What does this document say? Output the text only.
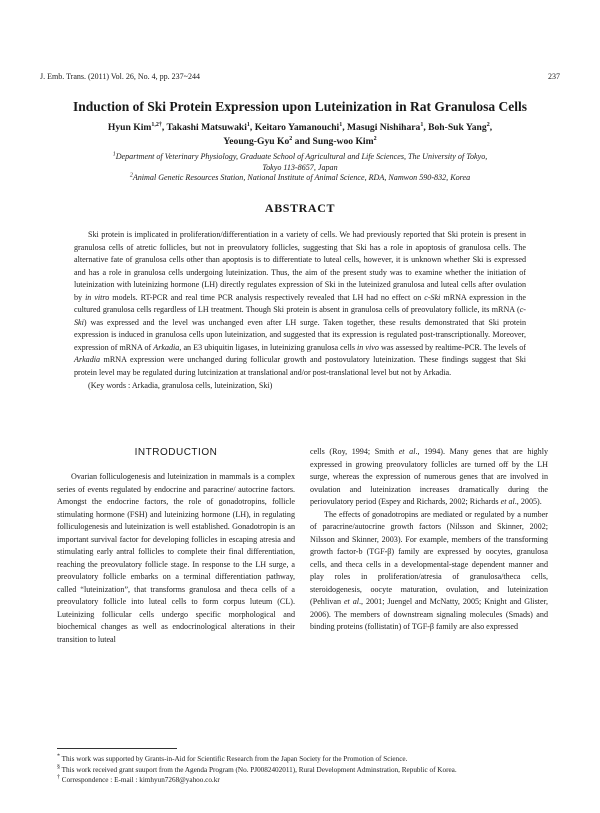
J. Emb. Trans. (2011) Vol. 26, No. 4, pp. 237~244	237
Induction of Ski Protein Expression upon Luteinization in Rat Granulosa Cells
Hyun Kim$^{1,2\dagger}$, Takashi Matsuwaki$^1$, Keitaro Yamanouchi$^1$, Masugi Nishihara$^1$, Boh-Suk Yang$^2$,
Yeoung-Gyu Ko$^2$ and Sung-woo Kim$^2$
$^1$Department of Veterinary Physiology, Graduate School of Agricultural and Life Sciences, The University of Tokyo,
Tokyo 113-8657, Japan
$^2$Animal Genetic Resources Station, National Institute of Animal Science, RDA, Namwon 590-832, Korea
ABSTRACT

Ski protein is implicated in proliferation/differentiation in a variety of cells. We had previously reported that Ski protein is present in granulosa cells of atretic follicles, but not in preovulatory follicles, suggesting that Ski has a role in apoptosis of granulosa cells. The alternative fate of granulosa cells other than apoptosis is to differentiate to luteal cells, however, it is unknown whether Ski is expressed and has a role in granulosa cells undergoing luteinization. Thus, the aim of the present study was to examine whether the initiation of luteinization with luteinizing hormone (LH) directly regulates expression of Ski in the luteinized granulosa and luteal cells after ovulation by in vitro models. RT-PCR and real time PCR analysis respectively revealed that LH had no effect on c-Ski mRNA expression in the cultured granulosa cells regardless of LH treatment. Though Ski protein is absent in granulosa cells of preovulatory follicle, its mRNA (c-Ski) was expressed and the level was unchanged even after LH surge. Taken together, these results demonstrated that Ski protein expression is induced in granulosa cells upon luteinization, and suggested that its expression is regulated post-transcriptionally. Moreover, expression of mRNA of Arkadia, an E3 ubiquitin ligases, in luteinizing granulosa cells in vivo was assessed by realtime-PCR. The levels of Arkadia mRNA expression were unchanged during follicular growth and postovulatory luteinization. These findings suggest that Ski protein level may be regulated during lutcinization at translational and/or post-translational level but not by Arkadia.

(Key words : Arkadia, granulosa cells, luteinization, Ski)

INTRODUCTION

Ovarian folliculogenesis and luteinization in mammals is a complex series of events regulated by endocrine and paracrine/ autocrine factors. Amongst the endocrine factors, the role of gonadotropins, follicle stimulating hormone (FSH) and luteinizing hormone (LH), in regulating folliculogenesis and luteinization is well established. Gonadotropin is an important survival factor for developing follicles in escaping atresia and stimulating early antral follicles to complete their final differentiation, reaching the preovulatory follicle stage. In response to the LH surge, a preovulatory follicle embarks on a terminal differentiation pathway, called “luteinization”, that transforms granulosa and theca cells of a preovulatory follicle into luteal cells to form corpus luteum (CL). Luteinizing follicular cells undergo specific morphological and biochemical changes as well as endocrinological alterations in their transition to luteal

cells (Roy, 1994; Smith et al., 1994). Many genes that are highly expressed in growing preovulatory follicles are turned off by the LH surge, whereas the expression of numerous genes that are involved in ovulation and luteinization increases dramatically during the periovulatory period (Espey and Richards, 2002; Richards et al., 2005).

The effects of gonadotropins are mediated or regulated by a number of paracrine/autocrine growth factors (Nilsson and Skinner, 2002; Nilsson and Skinner, 2003). For example, members of the transforming growth factor-b (TGF-β) family are expressed by oocytes, granulosa cells, and theca cells in a developmental-stage dependent manner and play roles in proliferation/atresia of granulosa/theca cells, steroidogenesis, oocyte maturation, ovulation, and luteinization (Pehlivan et al., 2001; Juengel and McNatty, 2005; Knight and Glister, 2006). The members of downstream signaling molecules (Smads) and binding proteins (follistatin) of TGF-β family are also expressed

* This work was supported by Grants-in-Aid for Scientific Research from the Japan Society for the Promotion of Science.
§ This work received grant suuport from the Agenda Program (No. PJ0082402011), Rural Development Adminstration, Republic of Korea.
† Correspondence : E-mail : kimhyun7268@yahoo.co.kr
